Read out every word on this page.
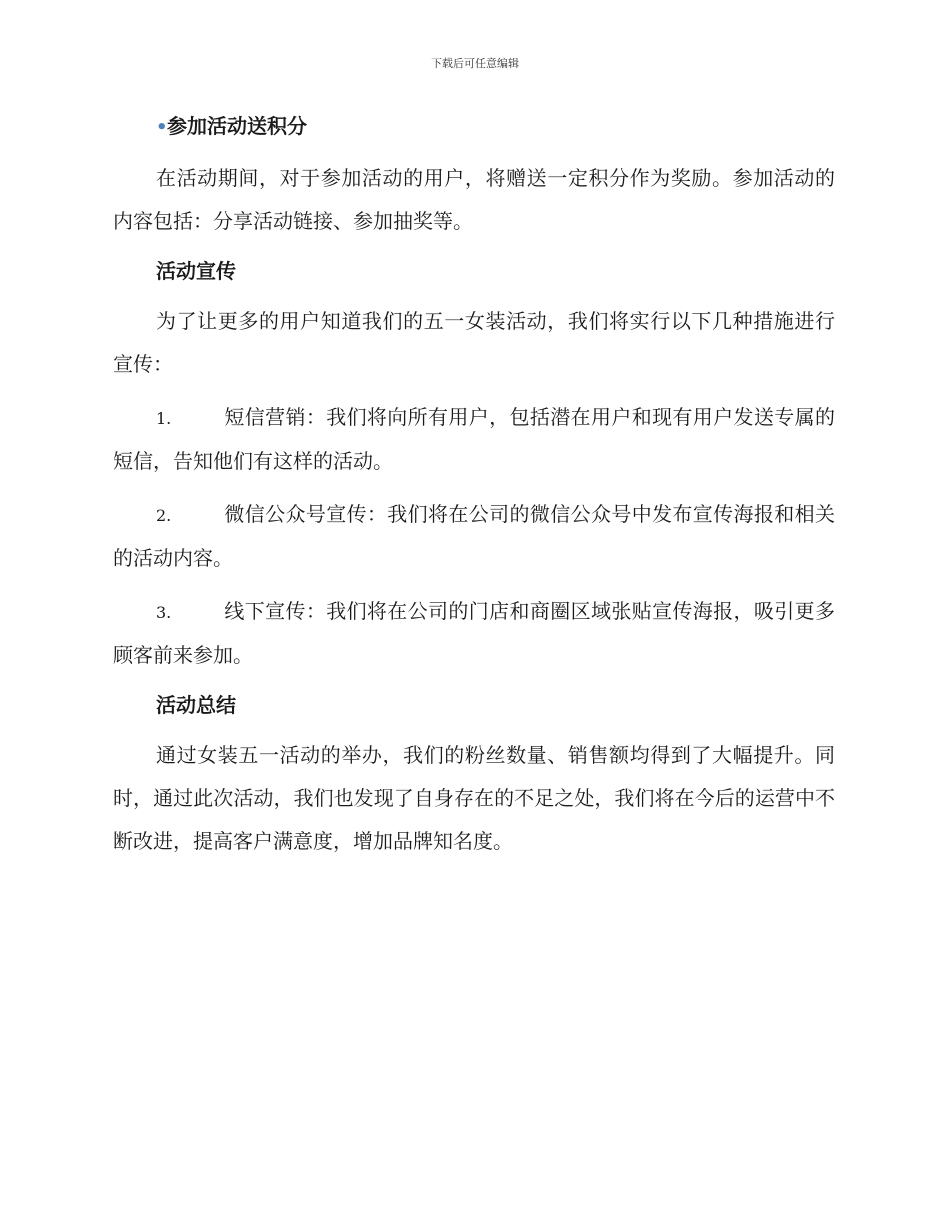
下载后可任意编辑

•参加活动送积分

在活动期间，对于参加活动的用户，将赠送一定积分作为奖励。参加活动的内容包括：分享活动链接、参加抽奖等。

活动宣传

为了让更多的用户知道我们的五一女装活动，我们将实行以下几种措施进行宣传：

1.	短信营销：我们将向所有用户，包括潜在用户和现有用户发送专属的短信，告知他们有这样的活动。

2.	微信公众号宣传：我们将在公司的微信公众号中发布宣传海报和相关的活动内容。

3.	线下宣传：我们将在公司的门店和商圈区域张贴宣传海报，吸引更多顾客前来参加。

活动总结

通过女装五一活动的举办，我们的粉丝数量、销售额均得到了大幅提升。同时，通过此次活动，我们也发现了自身存在的不足之处，我们将在今后的运营中不断改进，提高客户满意度，增加品牌知名度。
